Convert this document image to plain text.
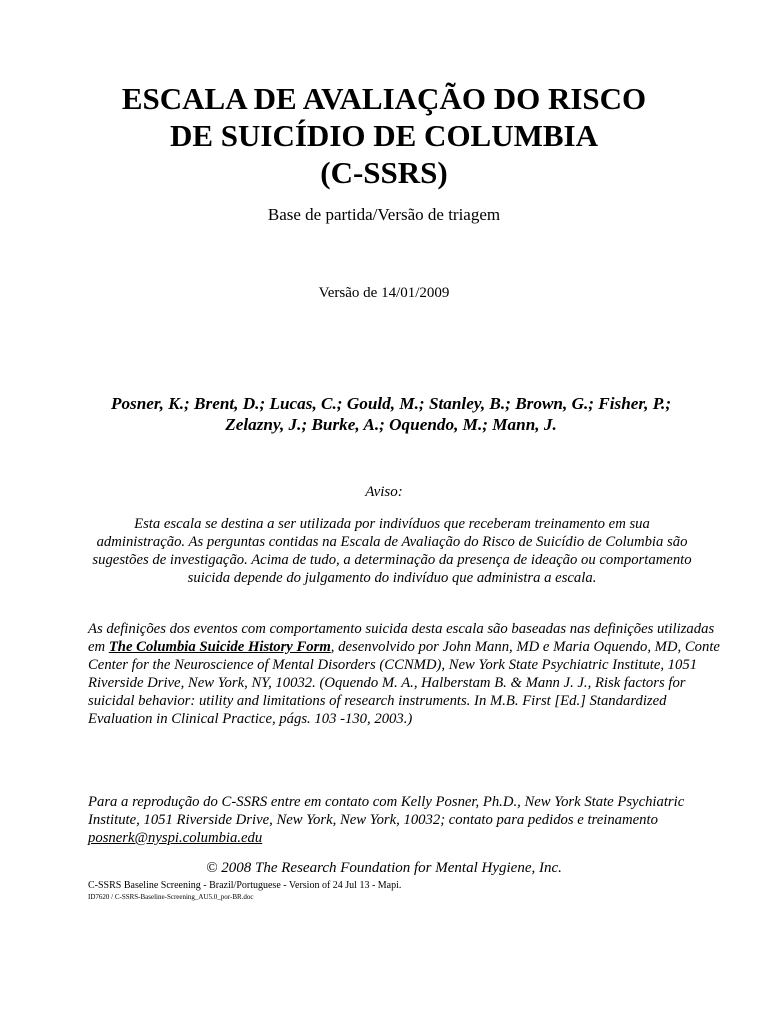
ESCALA DE AVALIAÇÃO DO RISCO
DE SUICÍDIO DE COLUMBIA
(C-SSRS)
Base de partida/Versão de triagem
Versão de 14/01/2009
Posner, K.; Brent, D.; Lucas, C.; Gould, M.; Stanley, B.; Brown, G.; Fisher, P.; Zelazny, J.; Burke, A.; Oquendo, M.; Mann, J.
Aviso:
Esta escala se destina a ser utilizada por indivíduos que receberam treinamento em sua administração. As perguntas contidas na Escala de Avaliação do Risco de Suicídio de Columbia são sugestões de investigação. Acima de tudo, a determinação da presença de ideação ou comportamento suicida depende do julgamento do indivíduo que administra a escala.
As definições dos eventos com comportamento suicida desta escala são baseadas nas definições utilizadas em The Columbia Suicide History Form, desenvolvido por John Mann, MD e Maria Oquendo, MD, Conte Center for the Neuroscience of Mental Disorders (CCNMD), New York State Psychiatric Institute, 1051 Riverside Drive, New York, NY, 10032. (Oquendo M. A., Halberstam B. & Mann J. J., Risk factors for suicidal behavior: utility and limitations of research instruments. In M.B. First [Ed.] Standardized Evaluation in Clinical Practice, págs. 103 -130, 2003.)
Para a reprodução do C-SSRS entre em contato com Kelly Posner, Ph.D., New York State Psychiatric Institute, 1051 Riverside Drive, New York, New York, 10032; contato para pedidos e treinamento posnerk@nyspi.columbia.edu
© 2008 The Research Foundation for Mental Hygiene, Inc.
C-SSRS Baseline Screening - Brazil/Portuguese - Version of 24 Jul 13 - Mapi.
ID7620 / C-SSRS-Baseline-Screening_AU5.0_por-BR.doc
